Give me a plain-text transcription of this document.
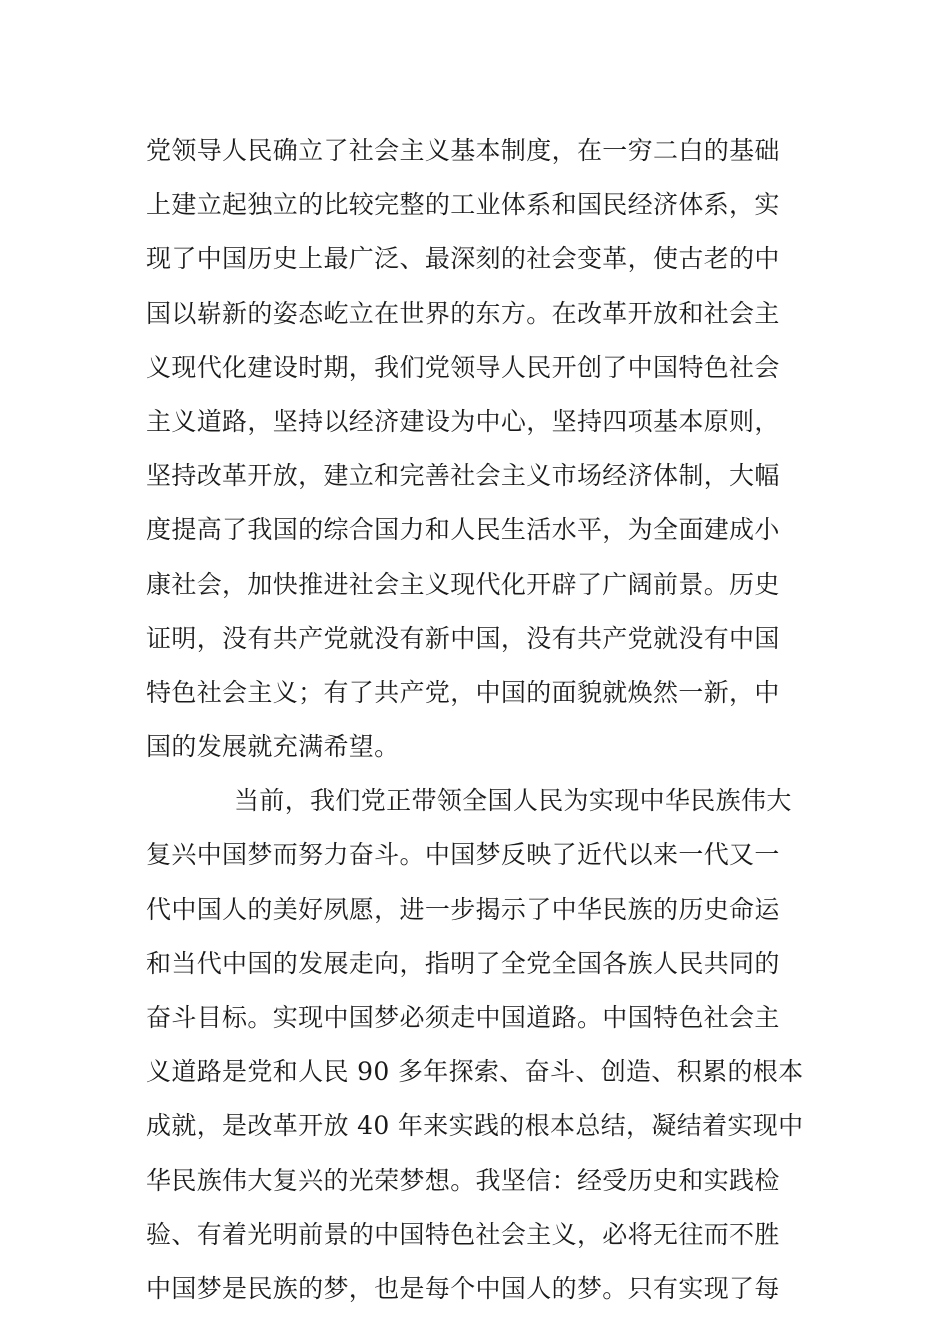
党领导人民确立了社会主义基本制度，在一穷二白的基础
上建立起独立的比较完整的工业体系和国民经济体系，实
现了中国历史上最广泛、最深刻的社会变革，使古老的中
国以崭新的姿态屹立在世界的东方。在改革开放和社会主
义现代化建设时期，我们党领导人民开创了中国特色社会
主义道路，坚持以经济建设为中心，坚持四项基本原则，
坚持改革开放，建立和完善社会主义市场经济体制，大幅
度提高了我国的综合国力和人民生活水平，为全面建成小
康社会，加快推进社会主义现代化开辟了广阔前景。历史
证明，没有共产党就没有新中国，没有共产党就没有中国
特色社会主义；有了共产党，中国的面貌就焕然一新，中
国的发展就充满希望。
当前，我们党正带领全国人民为实现中华民族伟大
复兴中国梦而努力奋斗。中国梦反映了近代以来一代又一
代中国人的美好夙愿，进一步揭示了中华民族的历史命运
和当代中国的发展走向，指明了全党全国各族人民共同的
奋斗目标。实现中国梦必须走中国道路。中国特色社会主
义道路是党和人民 90 多年探索、奋斗、创造、积累的根本
成就，是改革开放 40 年来实践的根本总结，凝结着实现中
华民族伟大复兴的光荣梦想。我坚信：经受历史和实践检
验、有着光明前景的中国特色社会主义，必将无往而不胜
中国梦是民族的梦，也是每个中国人的梦。只有实现了每
